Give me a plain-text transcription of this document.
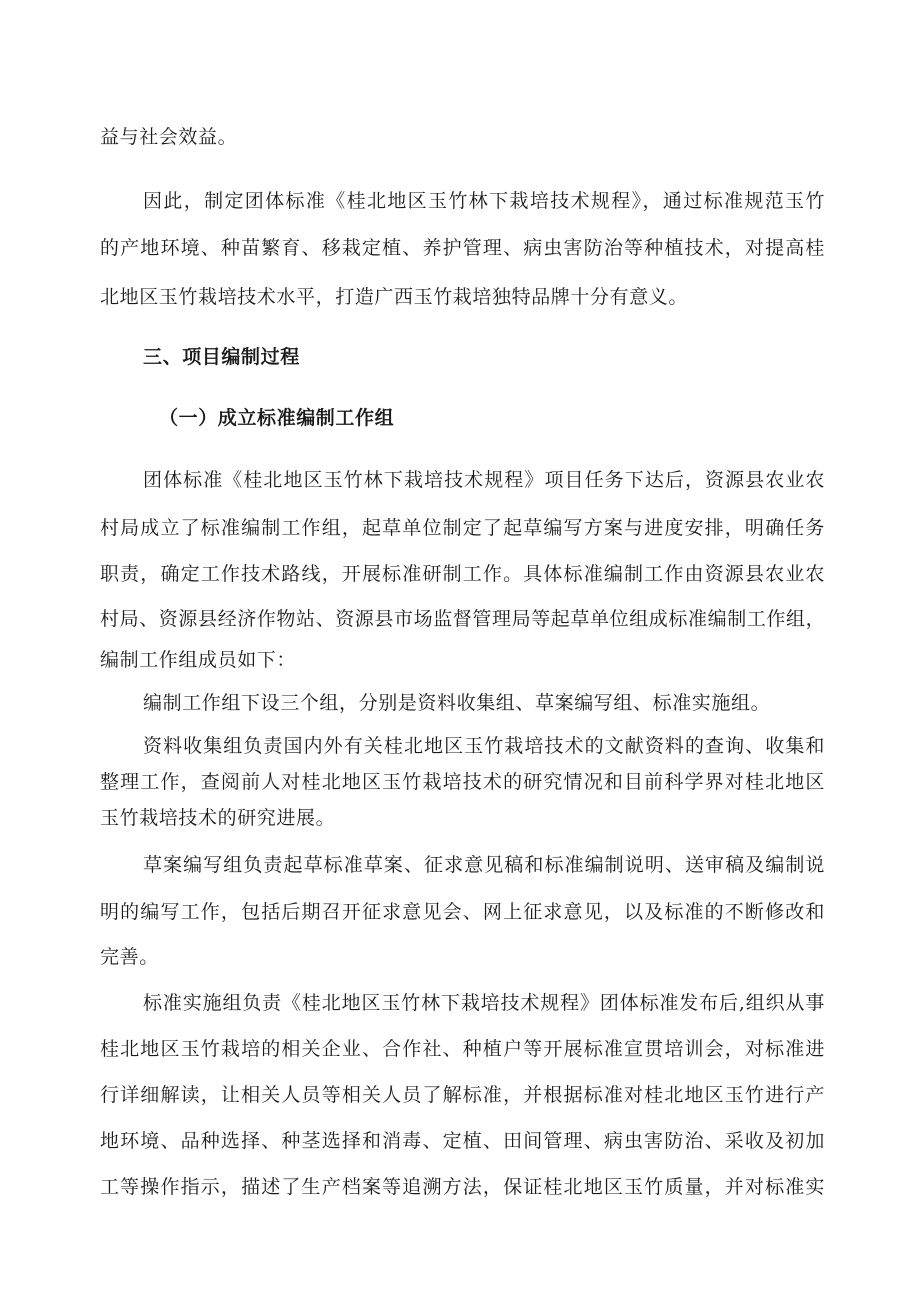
益与社会效益。
因此，制定团体标准《桂北地区玉竹林下栽培技术规程》，通过标准规范玉竹
的产地环境、种苗繁育、移栽定植、养护管理、病虫害防治等种植技术，对提高桂
北地区玉竹栽培技术水平，打造广西玉竹栽培独特品牌十分有意义。
三、项目编制过程
（一）成立标准编制工作组
团体标准《桂北地区玉竹林下栽培技术规程》项目任务下达后，资源县农业农
村局成立了标准编制工作组，起草单位制定了起草编写方案与进度安排，明确任务
职责，确定工作技术路线，开展标准研制工作。具体标准编制工作由资源县农业农
村局、资源县经济作物站、资源县市场监督管理局等起草单位组成标准编制工作组，
编制工作组成员如下：
编制工作组下设三个组，分别是资料收集组、草案编写组、标准实施组。
资料收集组负责国内外有关桂北地区玉竹栽培技术的文献资料的查询、收集和
整理工作，查阅前人对桂北地区玉竹栽培技术的研究情况和目前科学界对桂北地区
玉竹栽培技术的研究进展。
草案编写组负责起草标准草案、征求意见稿和标准编制说明、送审稿及编制说
明的编写工作，包括后期召开征求意见会、网上征求意见，以及标准的不断修改和
完善。
标准实施组负责《桂北地区玉竹林下栽培技术规程》团体标准发布后,组织从事
桂北地区玉竹栽培的相关企业、合作社、种植户等开展标准宣贯培训会，对标准进
行详细解读，让相关人员等相关人员了解标准，并根据标准对桂北地区玉竹进行产
地环境、品种选择、种茎选择和消毒、定植、田间管理、病虫害防治、采收及初加
工等操作指示，描述了生产档案等追溯方法，保证桂北地区玉竹质量，并对标准实
